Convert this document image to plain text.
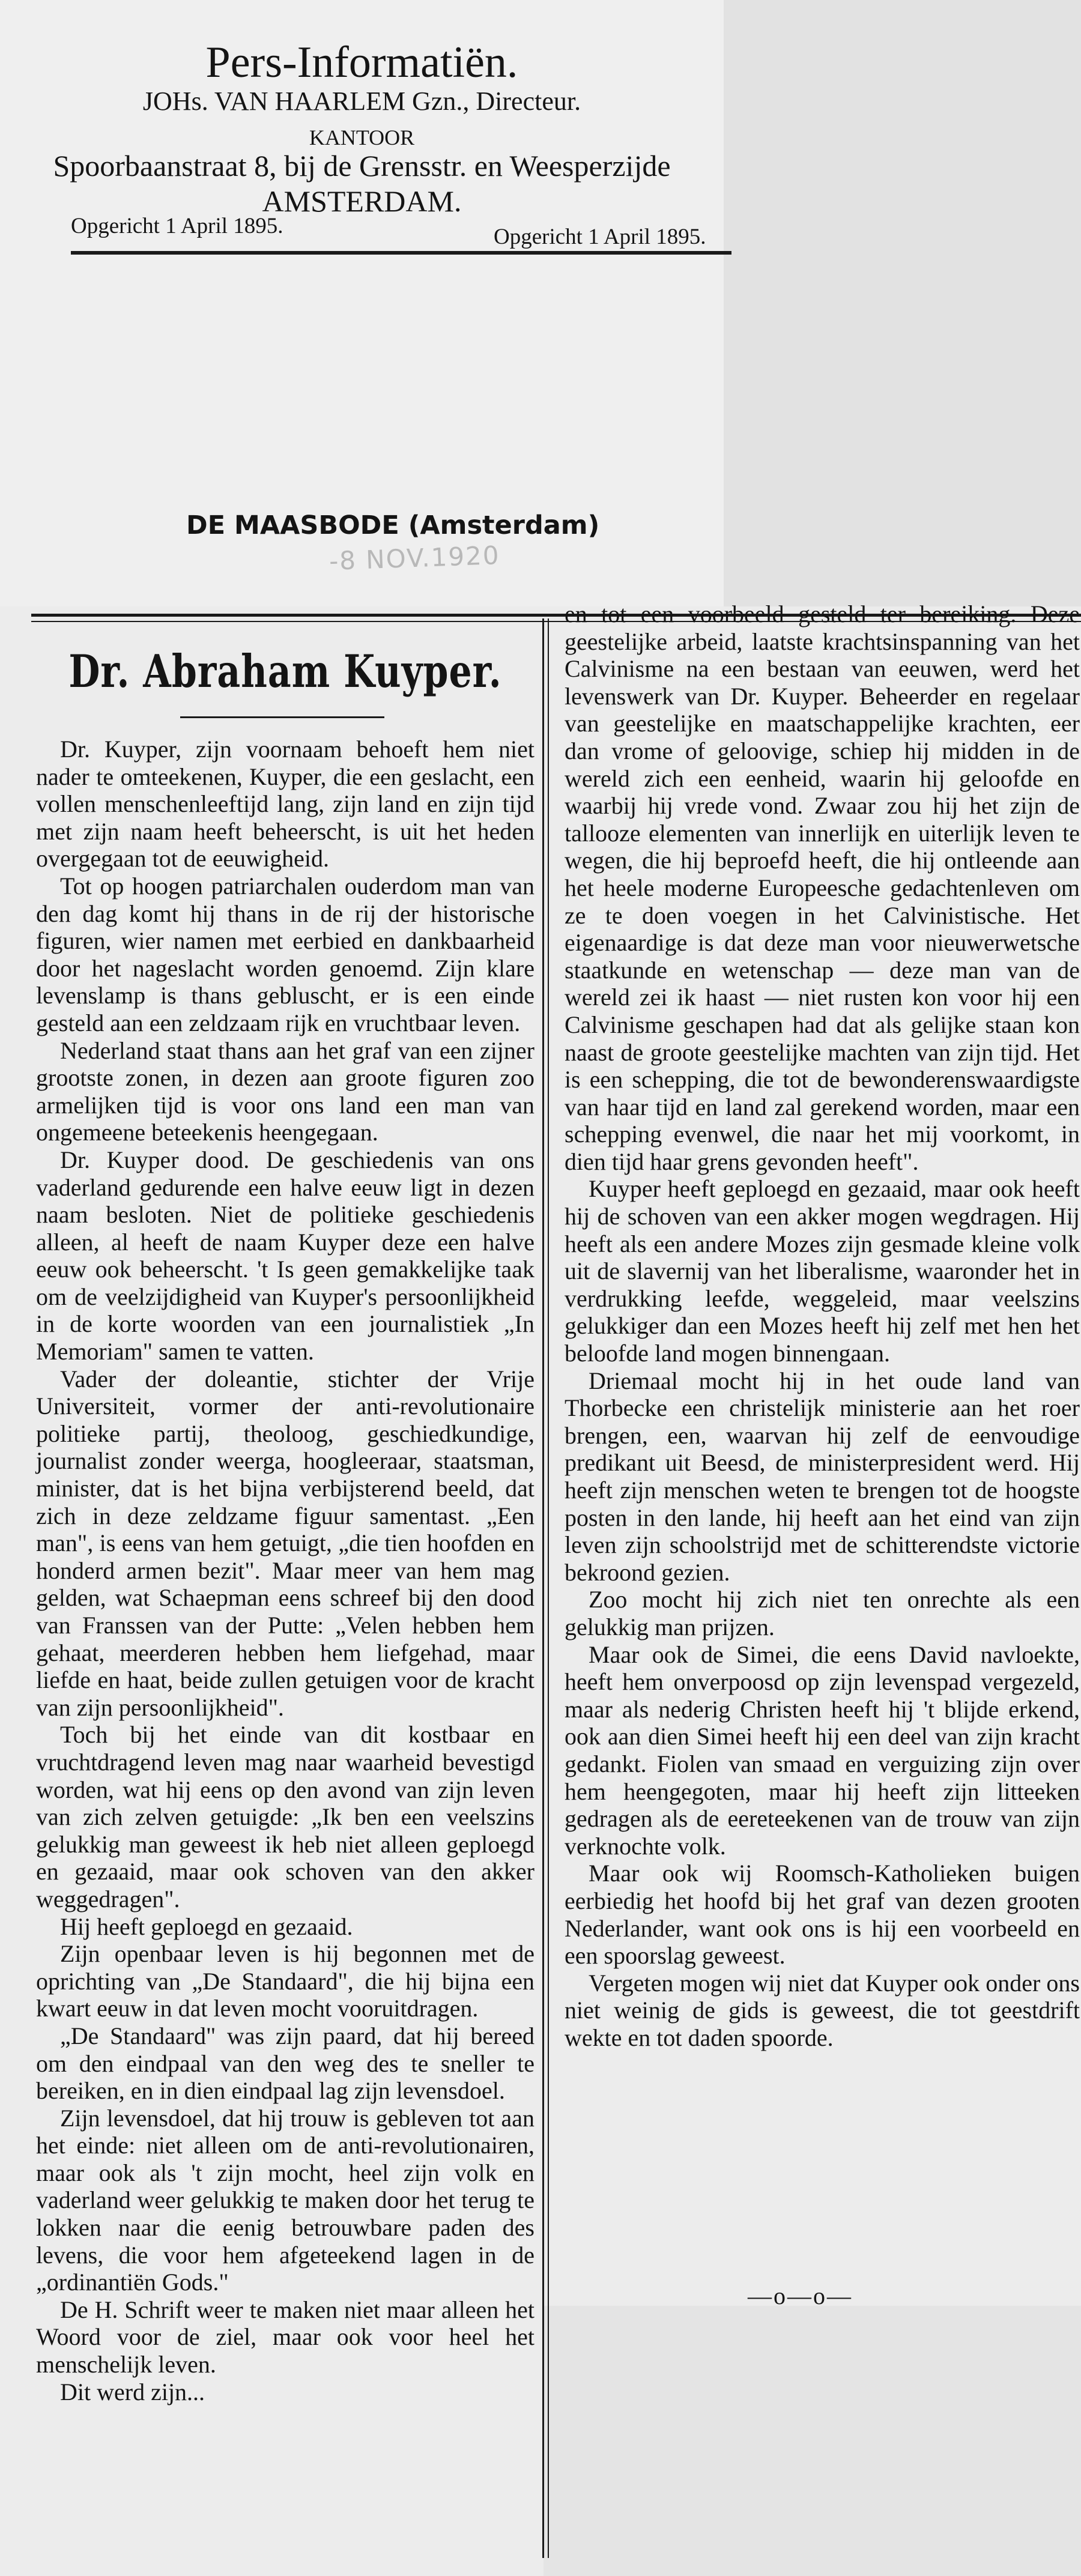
Pers-Informatiën.
JOHs. VAN HAARLEM Gzn., Directeur.
KANTOOR
Spoorbaanstraat 8, bij de Grensstr. en Weesperzijde
AMSTERDAM.
Opgericht 1 April 1895.	Opgericht 1 April 1895.
DE MAASBODE (Amsterdam)
-8 NOV.1920
Dr. Abraham Kuyper.

Dr. Kuyper, zijn voornaam behoeft hem niet nader te omteekenen, Kuyper, die een geslacht, een vollen menschenleeftijd lang, zijn land en zijn tijd met zijn naam heeft beheerscht, is uit het heden overgegaan tot de eeuwigheid.

Tot op hoogen patriarchalen ouderdom man van den dag komt hij thans in de rij der historische figuren, wier namen met eerbied en dankbaarheid door het nageslacht worden genoemd. Zijn klare levenslamp is thans gebluscht, er is een einde gesteld aan een zeldzaam rijk en vruchtbaar leven.

Nederland staat thans aan het graf van een zijner grootste zonen, in dezen aan groote figuren zoo armelijken tijd is voor ons land een man van ongemeene beteekenis heengegaan.

Dr. Kuyper dood. De geschiedenis van ons vaderland gedurende een halve eeuw ligt in dezen naam besloten. Niet de politieke geschiedenis alleen, al heeft de naam Kuyper deze een halve eeuw ook beheerscht. 't Is geen gemakkelijke taak om de veelzijdigheid van Kuyper's persoonlijkheid in de korte woorden van een journalistiek „In Memoriam" samen te vatten.

Vader der doleantie, stichter der Vrije Universiteit, vormer der anti-revolutionaire politieke partij, theoloog, geschiedkundige, journalist zonder weerga, hoogleeraar, staatsman, minister, dat is het bijna verbijsterend beeld, dat zich in deze zeldzame figuur samentast. „Een man", is eens van hem getuigt, „die tien hoofden en honderd armen bezit". Maar meer van hem mag gelden, wat Schaepman eens schreef bij den dood van Franssen van der Putte: „Velen hebben hem gehaat, meerderen hebben hem liefgehad, maar liefde en haat, beide zullen getuigen voor de kracht van zijn persoonlijkheid".

Toch bij het einde van dit kostbaar en vruchtdragend leven mag naar waarheid bevestigd worden, wat hij eens op den avond van zijn leven van zich zelven getuigde: „Ik ben een veelszins gelukkig man geweest ik heb niet alleen geploegd en gezaaid, maar ook schoven van den akker weggedragen".

Hij heeft geploegd en gezaaid.

Zijn openbaar leven is hij begonnen met de oprichting van „De Standaard", die hij bijna een kwart eeuw in dat leven mocht vooruitdragen.

„De Standaard" was zijn paard, dat hij bereed om den eindpaal van den weg des te sneller te bereiken, en in dien eindpaal lag zijn levensdoel.

Zijn levensdoel, dat hij trouw is gebleven tot aan het einde: niet alleen om de anti-revolutionairen, maar ook als 't zijn mocht, heel zijn volk en vaderland weer gelukkig te maken door het terug te lokken naar die eenig betrouwbare paden des levens, die voor hem afgeteekend lagen in de „ordinantiën Gods."

De H. Schrift weer te maken niet maar alleen het Woord voor de ziel, maar ook voor heel het menschelijk leven.

Dit werd zijn...

en tot een voorbeeld gesteld ter bereiking. Deze geestelijke arbeid, laatste krachtsinspanning van het Calvinisme na een bestaan van eeuwen, werd het levenswerk van Dr. Kuyper. Beheerder en regelaar van geestelijke en maatschappelijke krachten, eer dan vrome of geloovige, schiep hij midden in de wereld zich een eenheid, waarin hij geloofde en waarbij hij vrede vond. Zwaar zou hij het zijn de tallooze elementen van innerlijk en uiterlijk leven te wegen, die hij beproefd heeft, die hij ontleende aan het heele moderne Europeesche gedachtenleven om ze te doen voegen in het Calvinistische. Het eigenaardige is dat deze man voor nieuwerwetsche staatkunde en wetenschap — deze man van de wereld zei ik haast — niet rusten kon voor hij een Calvinisme geschapen had dat als gelijke staan kon naast de groote geestelijke machten van zijn tijd. Het is een schepping, die tot de bewonderenswaardigste van haar tijd en land zal gerekend worden, maar een schepping evenwel, die naar het mij voorkomt, in dien tijd haar grens gevonden heeft".

Kuyper heeft geploegd en gezaaid, maar ook heeft hij de schoven van een akker mogen wegdragen. Hij heeft als een andere Mozes zijn gesmade kleine volk uit de slavernij van het liberalisme, waaronder het in verdrukking leefde, weggeleid, maar veelszins gelukkiger dan een Mozes heeft hij zelf met hen het beloofde land mogen binnengaan.

Driemaal mocht hij in het oude land van Thorbecke een christelijk ministerie aan het roer brengen, een, waarvan hij zelf de eenvoudige predikant uit Beesd, de ministerpresident werd. Hij heeft zijn menschen weten te brengen tot de hoogste posten in den lande, hij heeft aan het eind van zijn leven zijn schoolstrijd met de schitterendste victorie bekroond gezien.

Zoo mocht hij zich niet ten onrechte als een gelukkig man prijzen.

Maar ook de Simei, die eens David navloekte, heeft hem onverpoosd op zijn levenspad vergezeld, maar als nederig Christen heeft hij 't blijde erkend, ook aan dien Simei heeft hij een deel van zijn kracht gedankt. Fiolen van smaad en verguizing zijn over hem heengegoten, maar hij heeft zijn litteeken gedragen als de eereteekenen van de trouw van zijn verknochte volk.

Maar ook wij Roomsch-Katholieken buigen eerbiedig het hoofd bij het graf van dezen grooten Nederlander, want ook ons is hij een voorbeeld en een spoorslag geweest.

Vergeten mogen wij niet dat Kuyper ook onder ons niet weinig de gids is geweest, die tot geestdrift wekte en tot daden spoorde.

—o—o—
